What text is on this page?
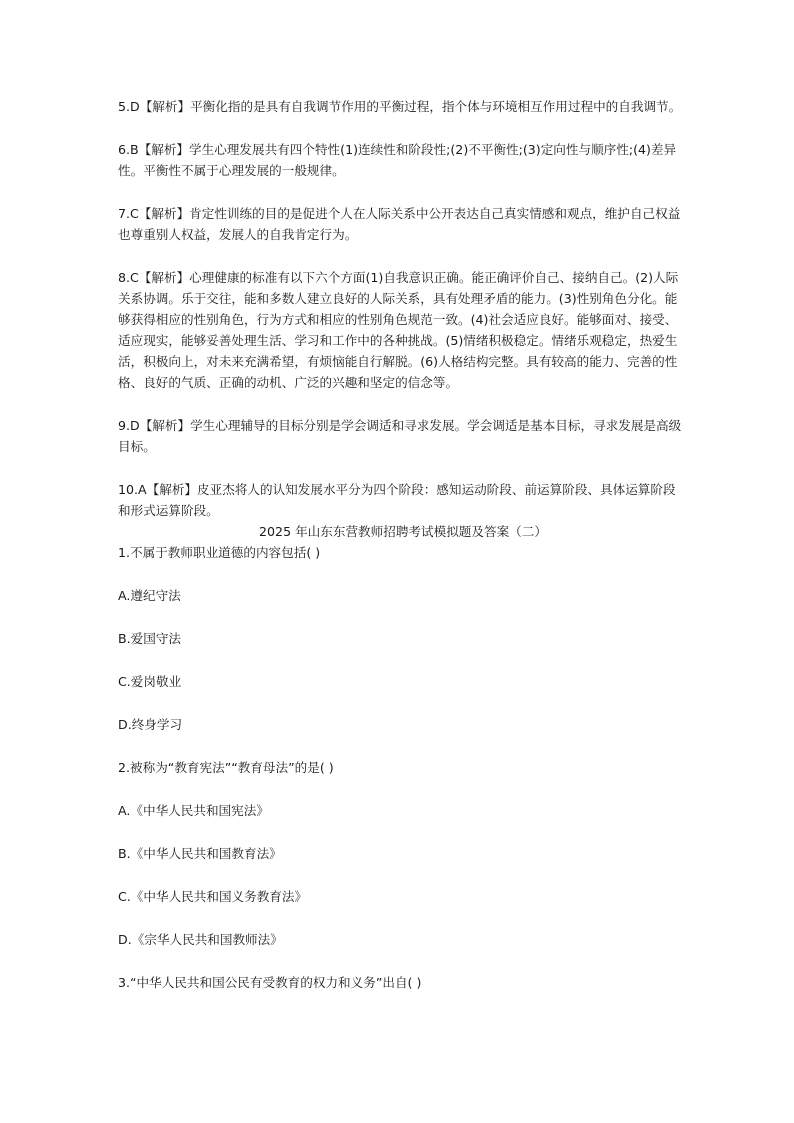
5.D【解析】平衡化指的是具有自我调节作用的平衡过程，指个体与环境相互作用过程中的自我调节。

6.B【解析】学生心理发展共有四个特性(1)连续性和阶段性;(2)不平衡性;(3)定向性与顺序性;(4)差异性。平衡性不属于心理发展的一般规律。

7.C【解析】肯定性训练的目的是促进个人在人际关系中公开表达自己真实情感和观点，维护自己权益也尊重别人权益，发展人的自我肯定行为。

8.C【解析】心理健康的标准有以下六个方面(1)自我意识正确。能正确评价自己、接纳自己。(2)人际关系协调。乐于交往，能和多数人建立良好的人际关系，具有处理矛盾的能力。(3)性别角色分化。能够获得相应的性别角色，行为方式和相应的性别角色规范一致。(4)社会适应良好。能够面对、接受、适应现实，能够妥善处理生活、学习和工作中的各种挑战。(5)情绪积极稳定。情绪乐观稳定，热爱生活，积极向上，对未来充满希望，有烦恼能自行解脱。(6)人格结构完整。具有较高的能力、完善的性格、良好的气质、正确的动机、广泛的兴趣和坚定的信念等。

9.D【解析】学生心理辅导的目标分别是学会调适和寻求发展。学会调适是基本目标，寻求发展是高级目标。

10.A【解析】皮亚杰将人的认知发展水平分为四个阶段：感知运动阶段、前运算阶段、具体运算阶段和形式运算阶段。

2025 年山东东营教师招聘考试模拟题及答案（二）

1.不属于教师职业道德的内容包括( )

A.遵纪守法

B.爱国守法

C.爱岗敬业

D.终身学习

2.被称为“教育宪法”“教育母法”的是( )

A.《中华人民共和国宪法》

B.《中华人民共和国教育法》

C.《中华人民共和国义务教育法》

D.《宗华人民共和国教师法》

3.“中华人民共和国公民有受教育的权力和义务”出自( )
